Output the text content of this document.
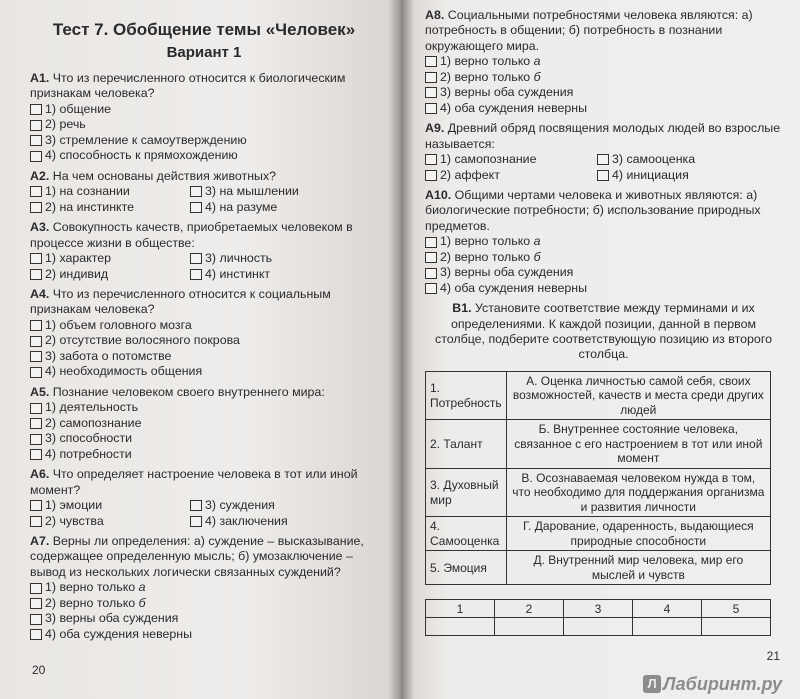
Тест 7. Обобщение темы «Человек»
Вариант 1
А1. Что из перечисленного относится к биологическим признакам человека?
1) общение
2) речь
3) стремление к самоутверждению
4) способность к прямохождению
А2. На чем основаны действия животных?
1) на сознании	3) на мышлении
2) на инстинкте	4) на разуме
А3. Совокупность качеств, приобретаемых человеком в процессе жизни в обществе:
1) характер	3) личность
2) индивид	4) инстинкт
А4. Что из перечисленного относится к социальным признакам человека?
1) объем головного мозга
2) отсутствие волосяного покрова
3) забота о потомстве
4) необходимость общения
А5. Познание человеком своего внутреннего мира:
1) деятельность
2) самопознание
3) способности
4) потребности
А6. Что определяет настроение человека в тот или иной момент?
1) эмоции	3) суждения
2) чувства	4) заключения
А7. Верны ли определения: а) суждение – высказывание, содержащее определенную мысль; б) умозаключение – вывод из нескольких логически связанных суждений?
1) верно только а
2) верно только б
3) верны оба суждения
4) оба суждения неверны
20
А8. Социальными потребностями человека являются: а) потребность в общении; б) потребность в познании окружающего мира.
1) верно только а
2) верно только б
3) верны оба суждения
4) оба суждения неверны
А9. Древний обряд посвящения молодых людей во взрослые называется:
1) самопознание	3) самооценка
2) аффект	4) инициация
А10. Общими чертами человека и животных являются: а) биологические потребности; б) использование природных предметов.
1) верно только а
2) верно только б
3) верны оба суждения
4) оба суждения неверны
В1. Установите соответствие между терминами и их определениями. К каждой позиции, данной в первом столбце, подберите соответствующую позицию из второго столбца.
1. Потребность	А. Оценка личностью самой себя, своих возможностей, качеств и места среди других людей
2. Талант	Б. Внутреннее состояние человека, связанное с его настроением в тот или иной момент
3. Духовный мир	В. Осознаваемая человеком нужда в том, что необходимо для поддержания организма и развития личности
4. Самооценка	Г. Дарование, одаренность, выдающиеся природные способности
5. Эмоция	Д. Внутренний мир человека, мир его мыслей и чувств
1	2	3	4	5

21
Л Лабиринт.ру
